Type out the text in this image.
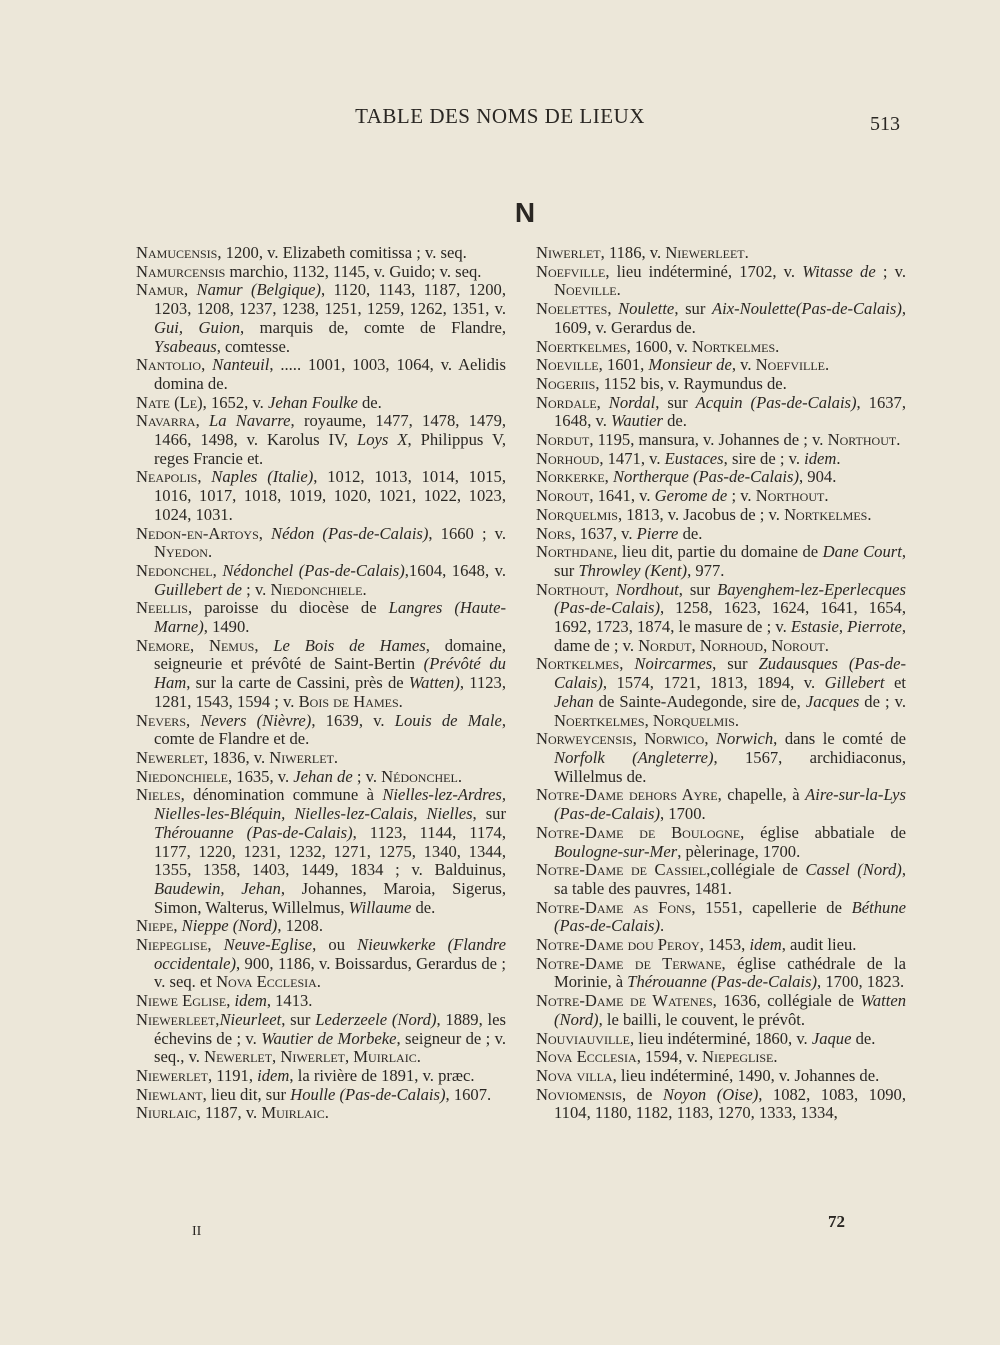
TABLE DES NOMS DE LIEUX	513
N

Namucensis, 1200, v. Elizabeth comitissa ; v. seq.

Namurcensis marchio, 1132, 1145, v. Guido; v. seq.

Namur, Namur (Belgique), 1120, 1143, 1187, 1200, 1203, 1208, 1237, 1238, 1251, 1259, 1262, 1351, v. Gui, Guion, marquis de, comte de Flandre, Ysabeaus, comtesse.

Nantolio, Nanteuil, ..... 1001, 1003, 1064, v. Aelidis domina de.

Nate (Le), 1652, v. Jehan Foulke de.

Navarra, La Navarre, royaume, 1477, 1478, 1479, 1466, 1498, v. Karolus IV, Loys X, Philippus V, reges Francie et.

Neapolis, Naples (Italie), 1012, 1013, 1014, 1015, 1016, 1017, 1018, 1019, 1020, 1021, 1022, 1023, 1024, 1031.

Nedon-en-Artoys, Nédon (Pas-de-Calais), 1660 ; v. Nyedon.

Nedonchel, Nédonchel (Pas-de-Calais),1604, 1648, v. Guillebert de ; v. Niedonchiele.

Neellis, paroisse du diocèse de Langres (Haute-Marne), 1490.

Nemore, Nemus, Le Bois de Hames, domaine, seigneurie et prévôté de Saint-Bertin (Prévôté du Ham, sur la carte de Cassini, près de Watten), 1123, 1281, 1543, 1594 ; v. Bois de Hames.

Nevers, Nevers (Nièvre), 1639, v. Louis de Male, comte de Flandre et de.

Newerlet, 1836, v. Niwerlet.

Niedonchiele, 1635, v. Jehan de ; v. Nédonchel.

Nieles, dénomination commune à Nielles-lez-Ardres, Nielles-les-Bléquin, Nielles-lez-Calais, Nielles, sur Thérouanne (Pas-de-Calais), 1123, 1144, 1174, 1177, 1220, 1231, 1232, 1271, 1275, 1340, 1344, 1355, 1358, 1403, 1449, 1834 ; v. Balduinus, Baudewin, Jehan, Johannes, Maroia, Sigerus, Simon, Walterus, Willelmus, Willaume de.

Niepe, Nieppe (Nord), 1208.

Niepeglise, Neuve-Eglise, ou Nieuwkerke (Flandre occidentale), 900, 1186, v. Boissardus, Gerardus de ; v. seq. et Nova Ecclesia.

Niewe Eglise, idem, 1413.

Niewerleet,Nieurleet, sur Lederzeele (Nord), 1889, les échevins de ; v. Wautier de Morbeke, seigneur de ; v. seq., v. Newerlet, Niwerlet, Muirlaic.

Niewerlet, 1191, idem, la rivière de 1891, v. præc.

Niewlant, lieu dit, sur Houlle (Pas-de-Calais), 1607.

Niurlaic, 1187, v. Muirlaic.

Niwerlet, 1186, v. Niewerleet.

Noefville, lieu indéterminé, 1702, v. Witasse de ; v. Noeville.

Noelettes, Noulette, sur Aix-Noulette(Pas-de-Calais), 1609, v. Gerardus de.

Noertkelmes, 1600, v. Nortkelmes.

Noeville, 1601, Monsieur de, v. Noefville.

Nogeriis, 1152 bis, v. Raymundus de.

Nordale, Nordal, sur Acquin (Pas-de-Calais), 1637, 1648, v. Wautier de.

Nordut, 1195, mansura, v. Johannes de ; v. Northout.

Norhoud, 1471, v. Eustaces, sire de ; v. idem.

Norkerke, Northerque (Pas-de-Calais), 904.

Norout, 1641, v. Gerome de ; v. Northout.

Norquelmis, 1813, v. Jacobus de ; v. Nortkelmes.

Nors, 1637, v. Pierre de.

Northdane, lieu dit, partie du domaine de Dane Court, sur Throwley (Kent), 977.

Northout, Nordhout, sur Bayenghem-lez-Eperlecques (Pas-de-Calais), 1258, 1623, 1624, 1641, 1654, 1692, 1723, 1874, le masure de ; v. Estasie, Pierrote, dame de ; v. Nordut, Norhoud, Norout.

Nortkelmes, Noircarmes, sur Zudausques (Pas-de-Calais), 1574, 1721, 1813, 1894, v. Gillebert et Jehan de Sainte-Audegonde, sire de, Jacques de ; v. Noertkelmes, Norquelmis.

Norweycensis, Norwico, Norwich, dans le comté de Norfolk (Angleterre), 1567, archidiaconus, Willelmus de.

Notre-Dame dehors Ayre, chapelle, à Aire-sur-la-Lys (Pas-de-Calais), 1700.

Notre-Dame de Boulogne, église abbatiale de Boulogne-sur-Mer, pèlerinage, 1700.

Notre-Dame de Cassiel,collégiale de Cassel (Nord), sa table des pauvres, 1481.

Notre-Dame as Fons, 1551, capellerie de Béthune (Pas-de-Calais).

Notre-Dame dou Peroy, 1453, idem, audit lieu.

Notre-Dame de Terwane, église cathédrale de la Morinie, à Thérouanne (Pas-de-Calais), 1700, 1823.

Notre-Dame de Watenes, 1636, collégiale de Watten (Nord), le bailli, le couvent, le prévôt.

Nouviauville, lieu indéterminé, 1860, v. Jaque de.

Nova Ecclesia, 1594, v. Niepeglise.

Nova villa, lieu indéterminé, 1490, v. Johannes de.

Noviomensis, de Noyon (Oise), 1082, 1083, 1090, 1104, 1180, 1182, 1183, 1270, 1333, 1334,

II
72
